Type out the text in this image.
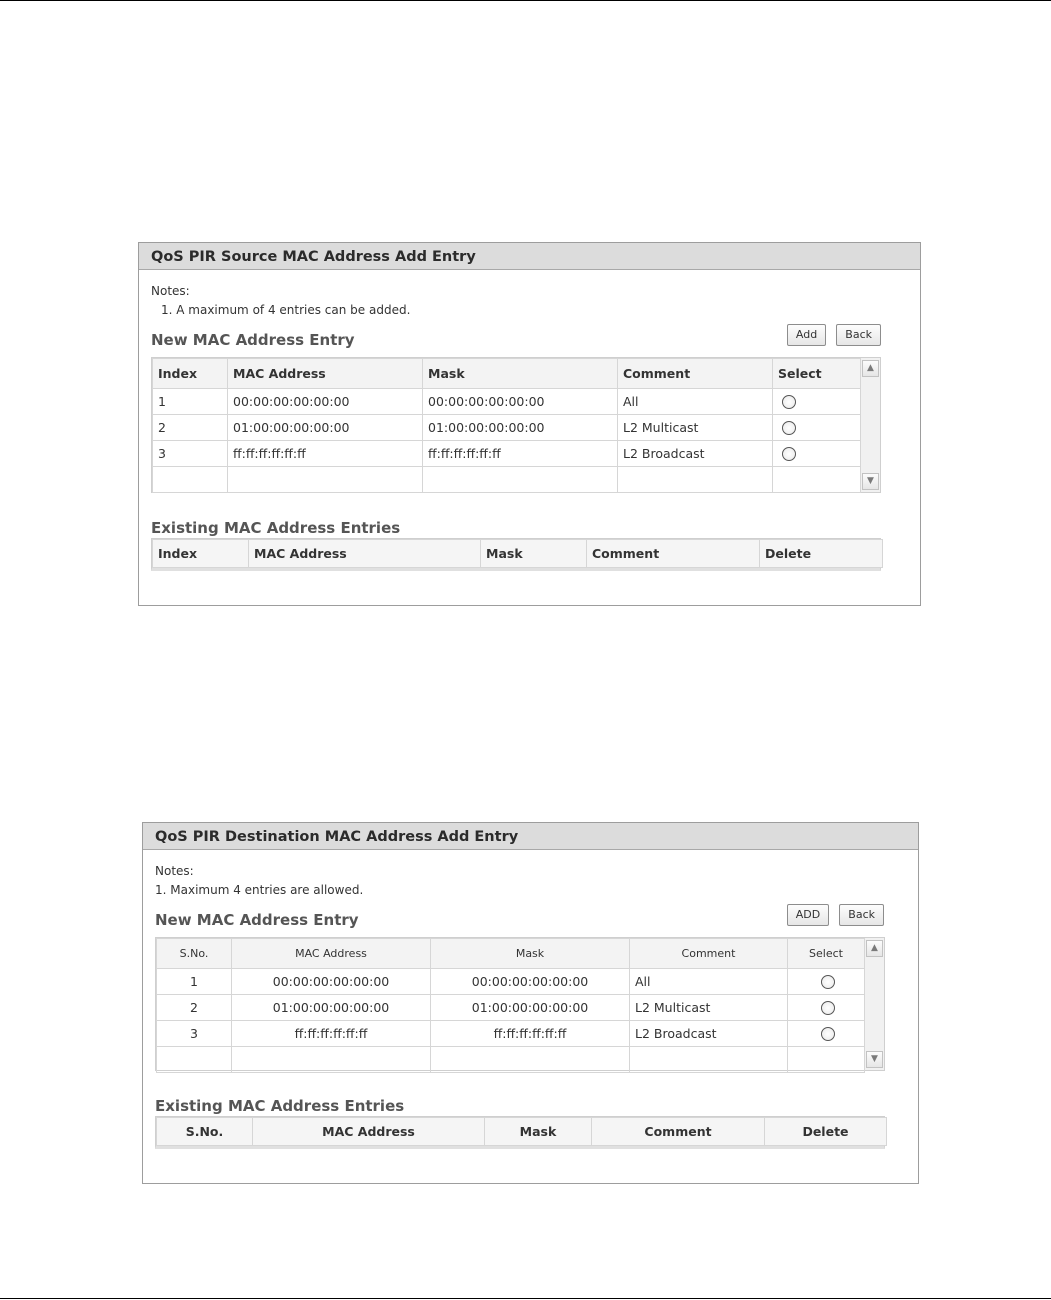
QoS PIR Source MAC Address Add Entry
Notes:
1. A maximum of 4 entries can be added.
New MAC Address Entry	Add	Back
Index	MAC Address	Mask	Comment	Select
1	00:00:00:00:00:00	00:00:00:00:00:00	All	
2	01:00:00:00:00:00	01:00:00:00:00:00	L2 Multicast	
3	ff:ff:ff:ff:ff:ff	ff:ff:ff:ff:ff:ff	L2 Broadcast	

▲
▼
Existing MAC Address Entries
Index	MAC Address	Mask	Comment	Delete
QoS PIR Destination MAC Address Add Entry
Notes:
1. Maximum 4 entries are allowed.
New MAC Address Entry	ADD	Back
S.No.	MAC Address	Mask	Comment	Select
1	00:00:00:00:00:00	00:00:00:00:00:00	All	
2	01:00:00:00:00:00	01:00:00:00:00:00	L2 Multicast	
3	ff:ff:ff:ff:ff:ff	ff:ff:ff:ff:ff:ff	L2 Broadcast	

▲
▼
Existing MAC Address Entries
S.No.	MAC Address	Mask	Comment	Delete
